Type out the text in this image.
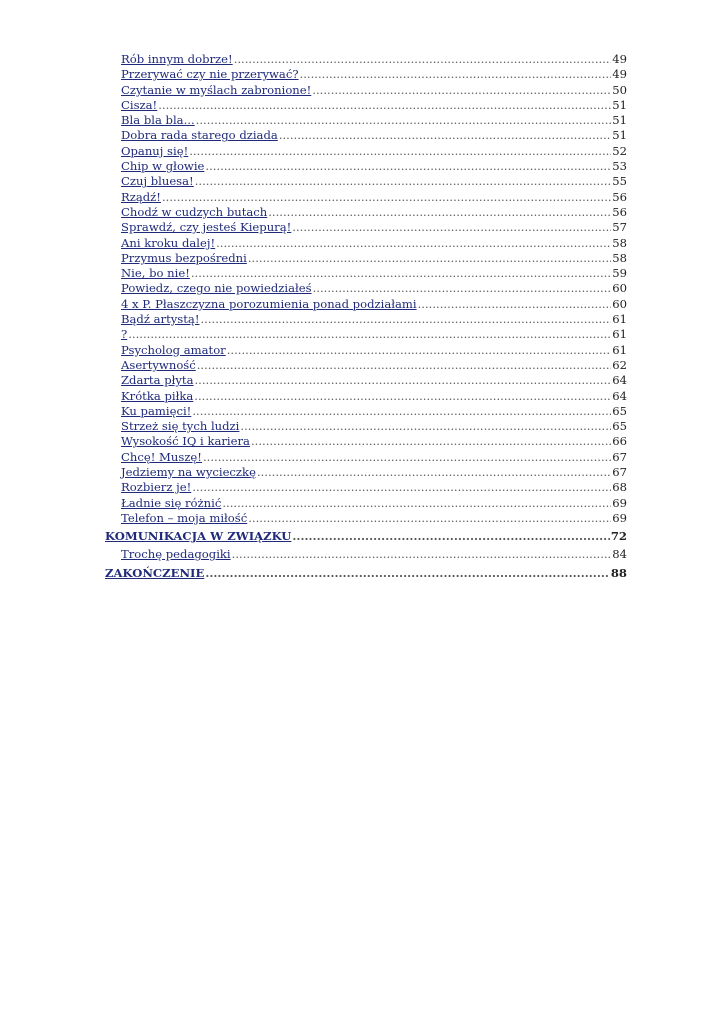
Rób innym dobrze! .....	49
Przerywać czy nie przerywać? .....	49
Czytanie w myślach zabronione! .....	50
Cisza! .....	51
Bla bla bla... .....	51
Dobra rada starego dziada .....	51
Opanuj się! .....	52
Chip w głowie .....	53
Czuj bluesa! .....	55
Rządź! .....	56
Chodź w cudzych butach .....	56
Sprawdź, czy jesteś Kiepurą! .....	57
Ani kroku dalej! .....	58
Przymus bezpośredni .....	58
Nie, bo nie! .....	59
Powiedz, czego nie powiedziałeś .....	60
4 x P. Płaszczyzna porozumienia ponad podziałami .....	60
Bądź artystą! .....	61
? .....	61
Psycholog amator .....	61
Asertywność .....	62
Zdarta płyta .....	64
Krótka piłka .....	64
Ku pamięci! .....	65
Strzeż się tych ludzi .....	65
Wysokość IQ i kariera .....	66
Chcę! Muszę! .....	67
Jedziemy na wycieczkę .....	67
Rozbierz je! .....	68
Ładnie się różnić .....	69
Telefon – moja miłość .....	69
KOMUNIKACJA W ZWIĄZKU .....	72
Trochę pedagogiki .....	84
ZAKOŃCZENIE .....	88
